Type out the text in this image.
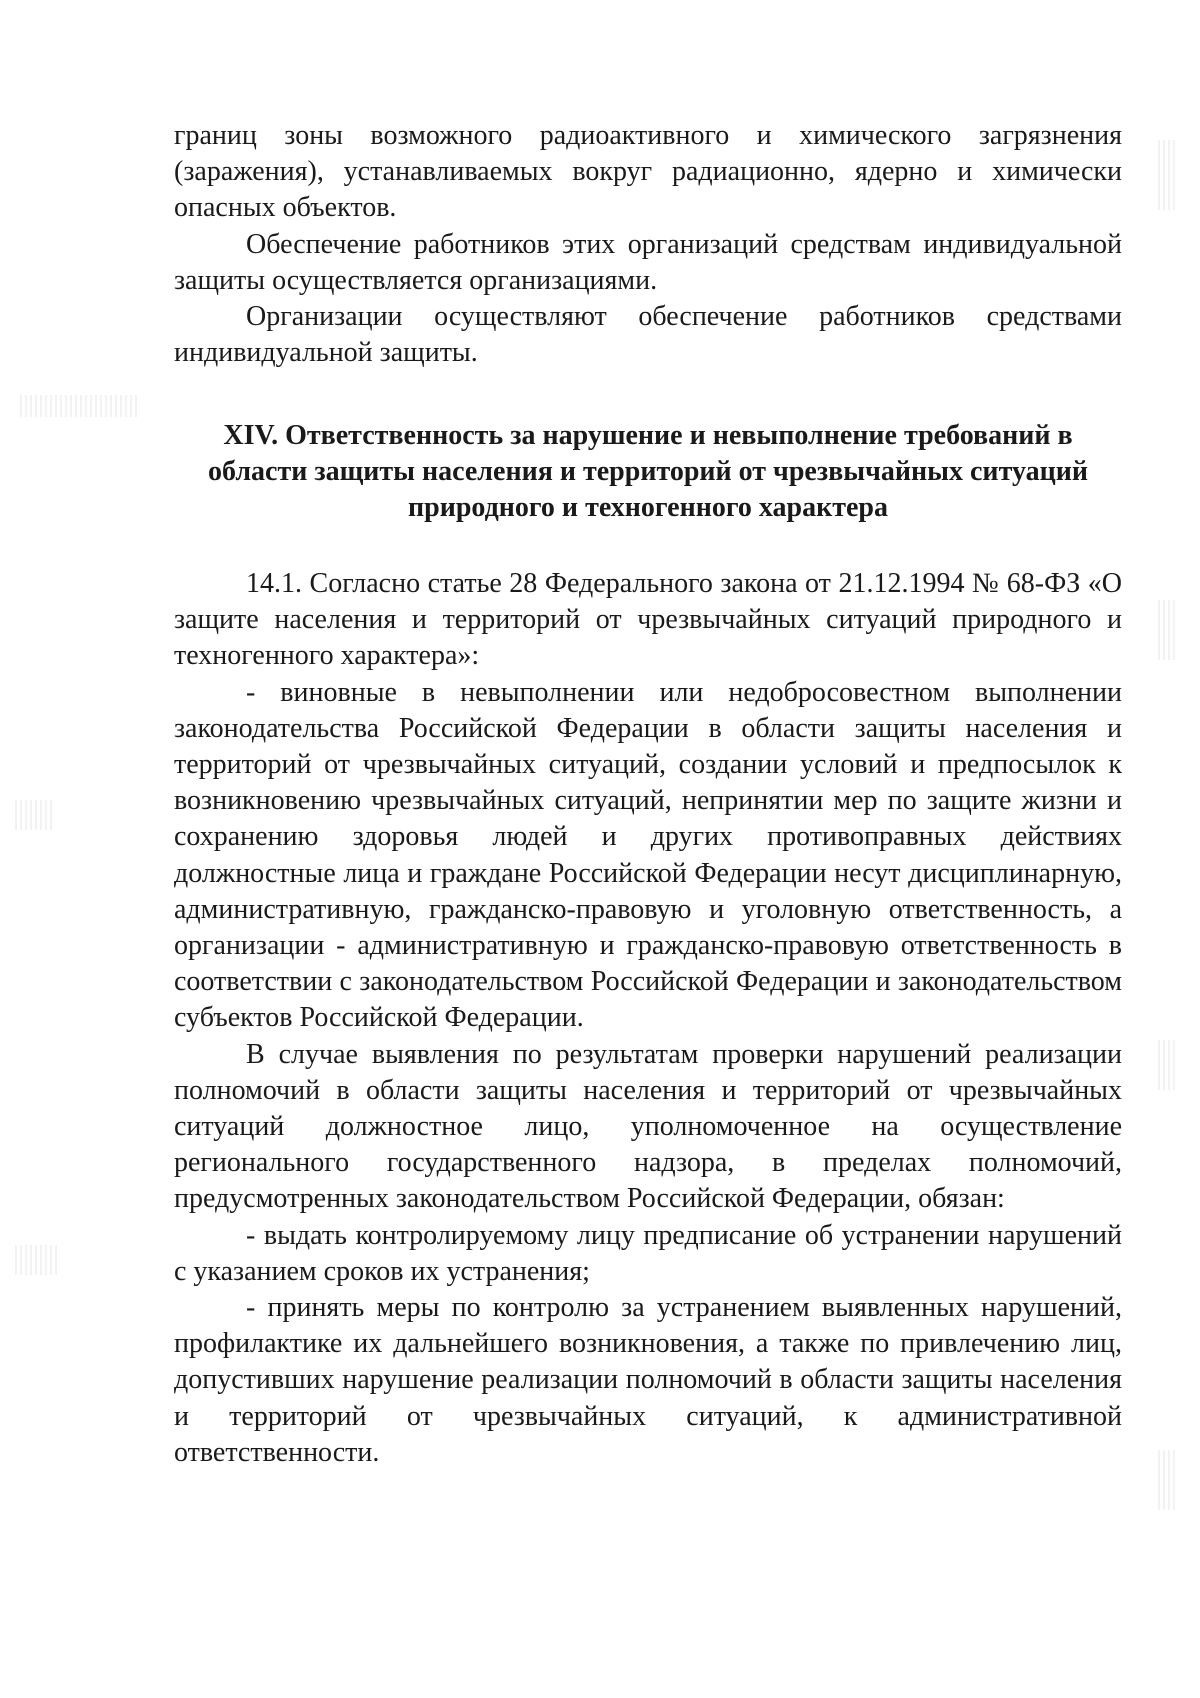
границ зоны возможного радиоактивного и химического загрязнения (заражения), устанавливаемых вокруг радиационно, ядерно и химически опасных объектов.

Обеспечение работников этих организаций средствам индивидуальной защиты осуществляется организациями.

Организации осуществляют обеспечение работников средствами индивидуальной защиты.

XIV. Ответственность за нарушение и невыполнение требований в

области защиты населения и территорий от чрезвычайных ситуаций

природного и техногенного характера

14.1. Согласно статье 28 Федерального закона от 21.12.1994 № 68-ФЗ «О защите населения и территорий от чрезвычайных ситуаций природного и техногенного характера»:

- виновные в невыполнении или недобросовестном выполнении законодательства Российской Федерации в области защиты населения и территорий от чрезвычайных ситуаций, создании условий и предпосылок к возникновению чрезвычайных ситуаций, непринятии мер по защите жизни и сохранению здоровья людей и других противоправных действиях должностные лица и граждане Российской Федерации несут дисциплинарную, административную, гражданско-правовую и уголовную ответственность, а организации - административную и гражданско-правовую ответственность в соответствии с законодательством Российской Федерации и законодательством субъектов Российской Федерации.

В случае выявления по результатам проверки нарушений реализации полномочий в области защиты населения и территорий от чрезвычайных ситуаций должностное лицо, уполномоченное на осуществление регионального государственного надзора, в пределах полномочий, предусмотренных законодательством Российской Федерации, обязан:

- выдать контролируемому лицу предписание об устранении нарушений с указанием сроков их устранения;

- принять меры по контролю за устранением выявленных нарушений, профилактике их дальнейшего возникновения, а также по привлечению лиц, допустивших нарушение реализации полномочий в области защиты населения и территорий от чрезвычайных ситуаций, к административной ответственности.
